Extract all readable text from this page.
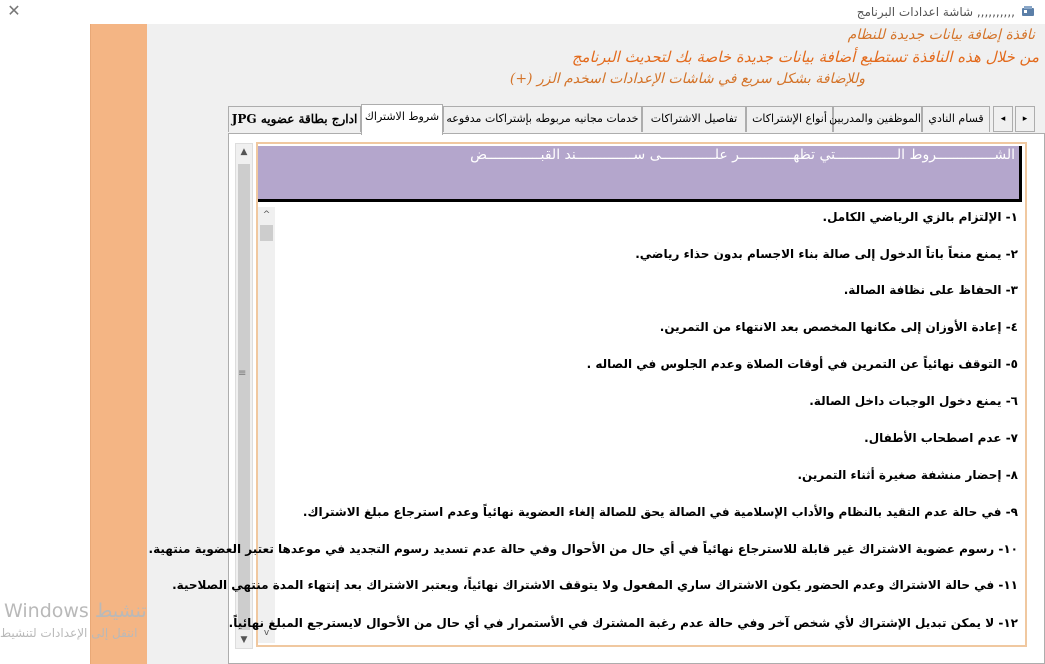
✕	,,,,,,,,,, شاشة اعدادات البرنامج
نافذة إضافة بيانات جديدة للنظام
من خلال هذه النافذة تستطيع أضافة بيانات جديدة خاصة بك لتحديث البرنامج
وللإضافة بشكل سريع في شاشات الإعدادات اسخدم الزر (+)
ادارج بطاقة عضويه JPG شروط الاشتراك خدمات مجانيه مربوطه بإشتراكات مدفوعه	تفاصيل الاشتراكات	أنواع الإشتراكات الموظفين والمدربين قسام النادي	◂	▸
▲
≡
▼
الشــــــــــــــروط الـــــــــــــــتي تظهـــــــــــــر علـــــــــــــى ســــــــــــــند القبـــــــــــــض
^
v
١- الإلتزام بالزي الرياضي الكامل.
٢- يمنع منعاً باتاً الدخول إلى صالة بناء الاجسام بدون حذاء رياضي.
٣- الحفاظ على نظافة الصالة.
٤- إعادة الأوزان إلى مكانها المخصص بعد الانتهاء من التمرين.
٥- التوقف نهائياً عن التمرين في أوقات الصلاة وعدم الجلوس في الصاله .
٦- يمنع دخول الوجبات داخل الصالة.
٧- عدم اصطحاب الأطفال.
٨- إحضار منشفة صغيرة أثناء التمرين.
٩- في حالة عدم التقيد بالنظام والأداب الإسلامية في الصالة يحق للصالة إلغاء العضوية نهائياً وعدم استرجاع مبلغ الاشتراك.
١٠- رسوم عضوية الاشتراك غير قابلة للاسترجاع نهائياً في أي حال من الأحوال وفي حالة عدم تسديد رسوم التجديد في موعدها تعتبر العضوية منتهية.
١١- في حالة الاشتراك وعدم الحضور يكون الاشتراك ساري المفعول ولا يتوقف الاشتراك نهائياً، ويعتبر الاشتراك بعد إنتهاء المدة منتهي الصلاحية.
١٢- لا يمكن تبديل الإشتراك لأي شخص آخر وفي حالة عدم رغبة المشترك في الأستمرار في أي حال من الأحوال لايسترجع المبلغ نهائياً.
تنشيط Windows
انتقل إلى الإعدادات لتنشيط
